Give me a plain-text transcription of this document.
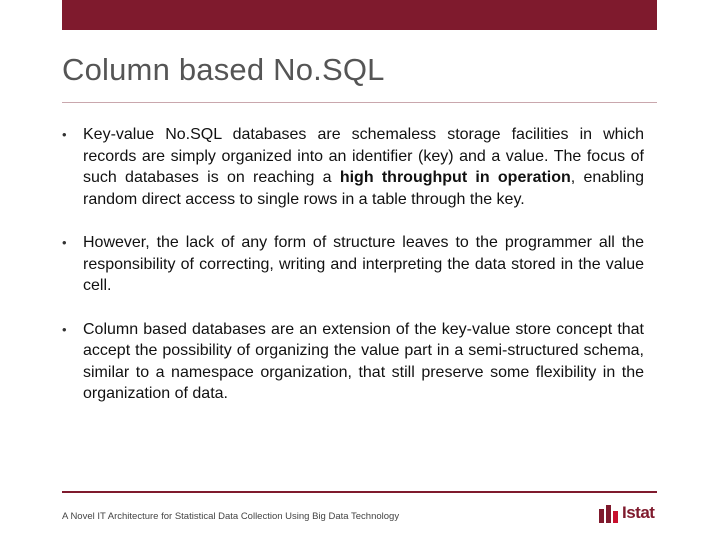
Column based No.SQL
• Key-value No.SQL databases are schemaless storage facilities in which records are simply organized into an identifier (key) and a value. The focus of such databases is on reaching a high throughput in operation, enabling random direct access to single rows in a table through the key.
• However, the lack of any form of structure leaves to the programmer all the responsibility of correcting, writing and interpreting the data stored in the value cell.
• Column based databases are an extension of the key-value store concept that accept the possibility of organizing the value part in a semi-structured schema, similar to a namespace organization, that still preserve some flexibility in the organization of data.
A Novel IT Architecture for Statistical Data Collection Using Big Data Technology	Istat
